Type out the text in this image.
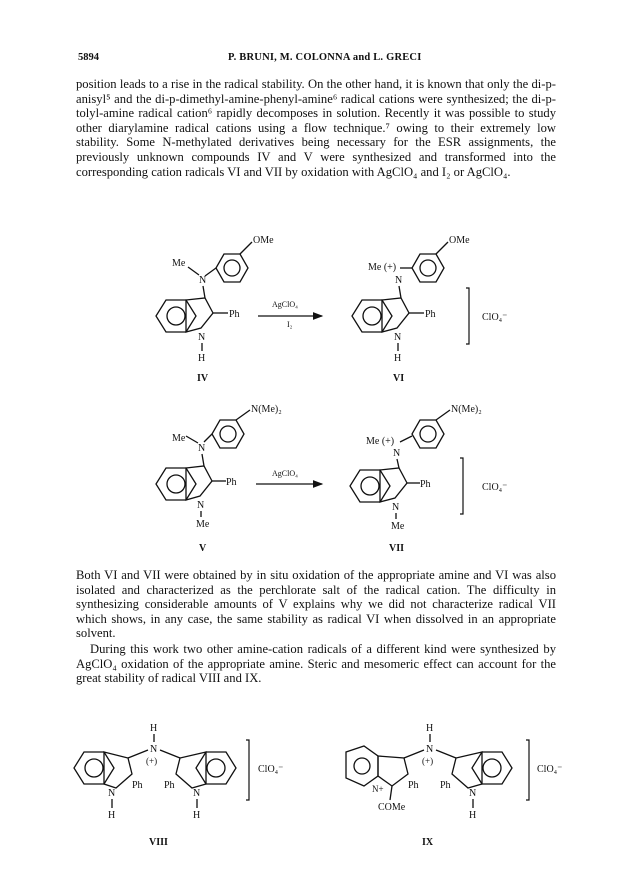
5894	P. BRUNI, M. COLONNA and L. GRECI

position leads to a rise in the radical stability. On the other hand, it is known that only the di-p-anisyl⁵ and the di-p-dimethyl-amine-phenyl-amine⁶ radical cations were synthesized; the di-p-tolyl-amine radical cation⁶ rapidly decomposes in solution. Recently it was possible to study other diarylamine radical cations using a flow technique.⁷ owing to their extremely low stability. Some N-methylated derivatives being necessary for the ESR assignments, the previously unknown compounds IV and V were synthesized and transformed into the corresponding cation radicals VI and VII by oxidation with AgClO₄ and I₂ or AgClO₄.

OMe
N
Me
Ph
N
H
IV
AgClO₄
I₂
OMe
Me (+)
N
Ph
N
H
ClO₄⁻
VI
N(Me)₂
N
Me
Ph
N
Me
V
AgClO₄
N(Me)₂
Me (+)
N
Ph
N
Me
ClO₄⁻
VII
H
N
(+)
N
H
Ph
N
H
Ph
ClO₄⁻
VIII
H
N
(+)
N+
COMe
Ph
N
H
Ph
ClO₄⁻
IX

Both VI and VII were obtained by in situ oxidation of the appropriate amine and VI was also isolated and characterized as the perchlorate salt of the radical cation. The difficulty in synthesizing considerable amounts of V explains why we did not characterize radical VII which shows, in any case, the same stability as radical VI when dissolved in an appropriate solvent.

During this work two other amine-cation radicals of a different kind were synthesized by AgClO₄ oxidation of the appropriate amine. Steric and mesomeric effect can account for the great stability of radical VIII and IX.
